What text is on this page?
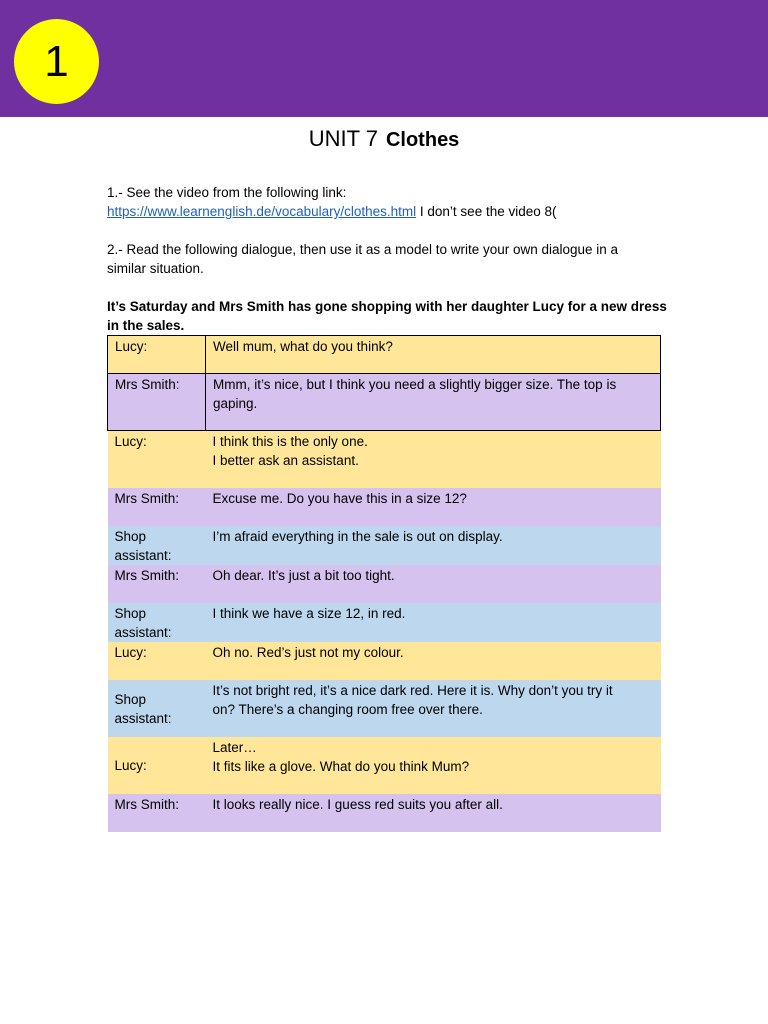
1
UNIT 7 Clothes

1.- See the video from the following link:

https://www.learnenglish.de/vocabulary/clothes.html I don’t see the video 8(

2.- Read the following dialogue, then use it as a model to write your own dialogue in a

similar situation.

It’s Saturday and Mrs Smith has gone shopping with her daughter Lucy for a new dress

in the sales.

Lucy:	Well mum, what do you think?
Mrs Smith:	Mmm, it’s nice, but I think you need a slightly bigger size. The top is
gaping.
Lucy:	I think this is the only one.
I better ask an assistant.
Mrs Smith:	Excuse me. Do you have this in a size 12?
Shop
assistant:	I’m afraid everything in the sale is out on display.
Mrs Smith:	Oh dear. It’s just a bit too tight.
Shop
assistant:	I think we have a size 12, in red.
Lucy:	Oh no. Red’s just not my colour.
Shop
assistant:	It’s not bright red, it’s a nice dark red. Here it is. Why don’t you try it
on? There’s a changing room free over there.
Lucy:	Later…
It fits like a glove. What do you think Mum?
Mrs Smith:	It looks really nice. I guess red suits you after all.
